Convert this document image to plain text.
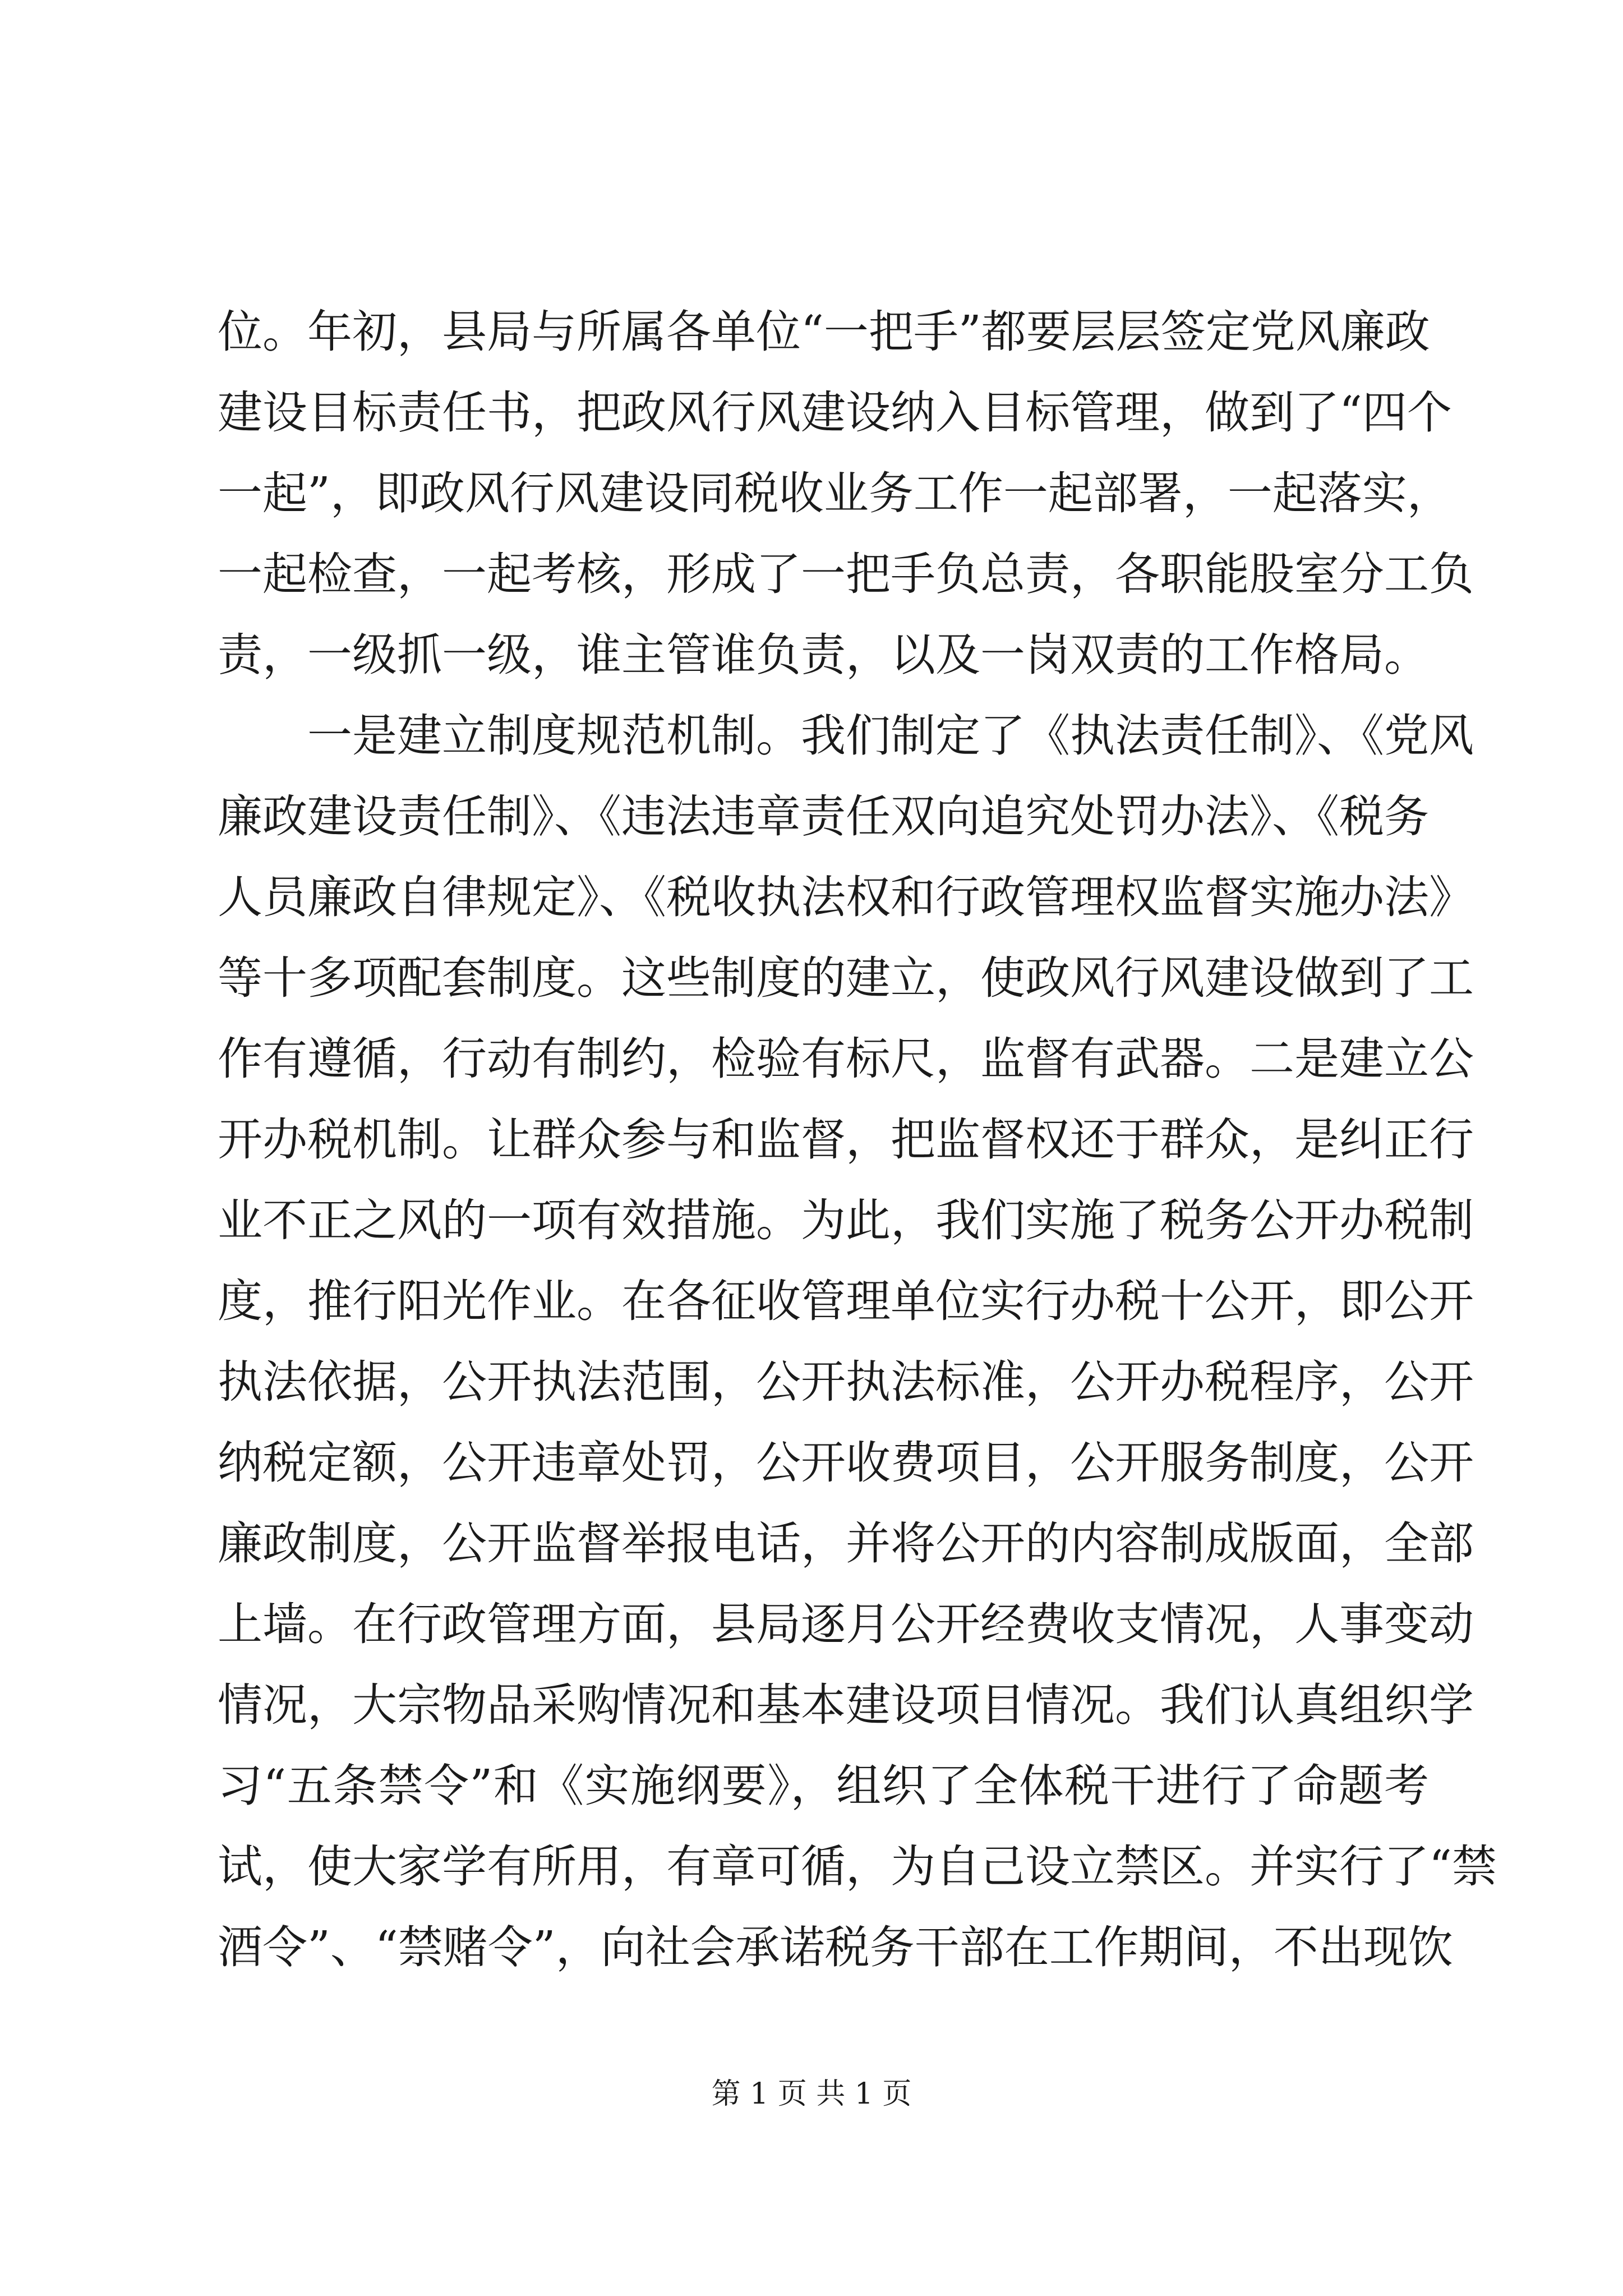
位。年初，县局与所属各单位“一把手”都要层层签定党风廉政
建设目标责任书，把政风行风建设纳入目标管理，做到了“四个
一起”，即政风行风建设同税收业务工作一起部署，一起落实，
一起检查，一起考核，形成了一把手负总责，各职能股室分工负
责，一级抓一级，谁主管谁负责，以及一岗双责的工作格局。
　　一是建立制度规范机制。我们制定了《执法责任制》、《党风
廉政建设责任制》、《违法违章责任双向追究处罚办法》、《税务
人员廉政自律规定》、《税收执法权和行政管理权监督实施办法》
等十多项配套制度。这些制度的建立，使政风行风建设做到了工
作有遵循，行动有制约，检验有标尺，监督有武器。二是建立公
开办税机制。让群众参与和监督，把监督权还于群众，是纠正行
业不正之风的一项有效措施。为此，我们实施了税务公开办税制
度，推行阳光作业。在各征收管理单位实行办税十公开，即公开
执法依据，公开执法范围，公开执法标准，公开办税程序，公开
纳税定额，公开违章处罚，公开收费项目，公开服务制度，公开
廉政制度，公开监督举报电话，并将公开的内容制成版面，全部
上墙。在行政管理方面，县局逐月公开经费收支情况，人事变动
情况，大宗物品采购情况和基本建设项目情况。我们认真组织学
习“五条禁令”和《实施纲要》，组织了全体税干进行了命题考
试，使大家学有所用，有章可循，为自己设立禁区。并实行了“禁
酒令”、“禁赌令”，向社会承诺税务干部在工作期间，不出现饮
第 1 页 共 1 页
